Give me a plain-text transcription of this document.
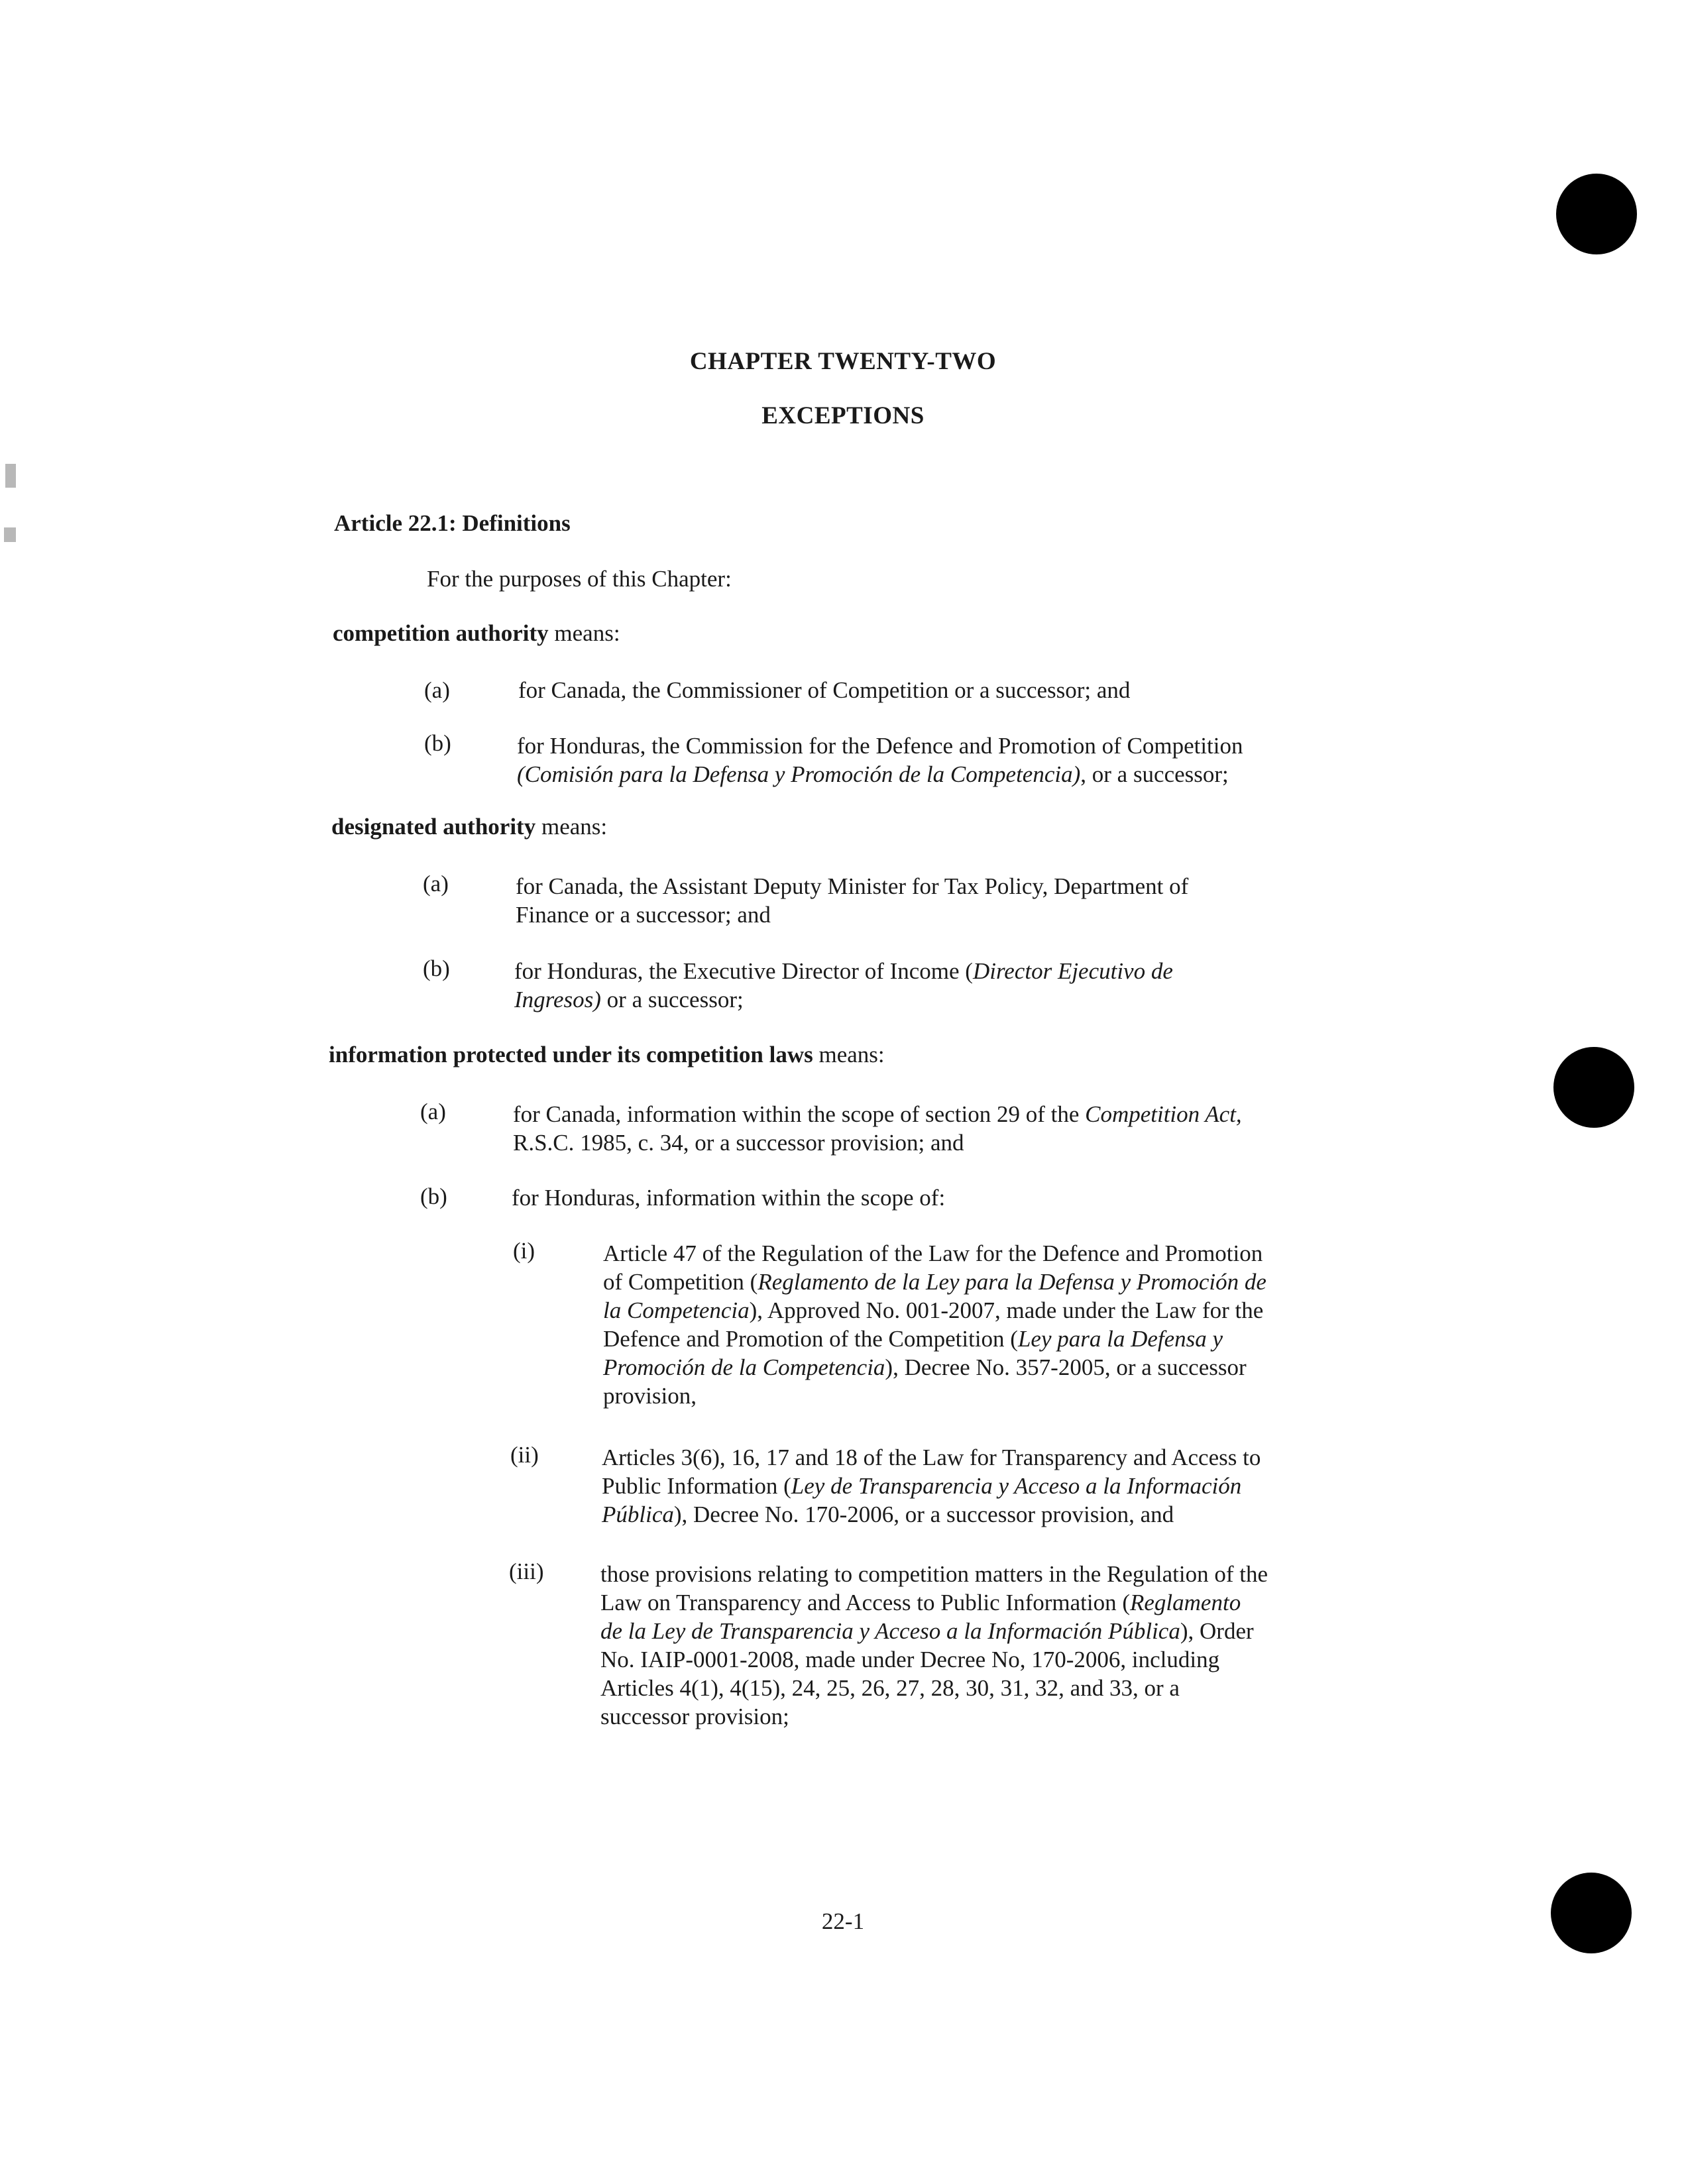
CHAPTER TWENTY-TWO
EXCEPTIONS
Article 22.1: Definitions
For the purposes of this Chapter:
competition authority means:
(a)	for Canada, the Commissioner of Competition or a successor; and
(b)	for Honduras, the Commission for the Defence and Promotion of Competition
(Comisión para la Defensa y Promoción de la Competencia), or a successor;
designated authority means:
(a)	for Canada, the Assistant Deputy Minister for Tax Policy, Department of
Finance or a successor; and
(b)	for Honduras, the Executive Director of Income (Director Ejecutivo de
Ingresos) or a successor;
information protected under its competition laws means:
(a)	for Canada, information within the scope of section 29 of the Competition Act,
R.S.C. 1985, c. 34, or a successor provision; and
(b)	for Honduras, information within the scope of:
(i)	Article 47 of the Regulation of the Law for the Defence and Promotion
of Competition (Reglamento de la Ley para la Defensa y Promoción de
la Competencia), Approved No. 001-2007, made under the Law for the
Defence and Promotion of the Competition (Ley para la Defensa y
Promoción de la Competencia), Decree No. 357-2005, or a successor
provision,
(ii)	Articles 3(6), 16, 17 and 18 of the Law for Transparency and Access to
Public Information (Ley de Transparencia y Acceso a la Información
Pública), Decree No. 170-2006, or a successor provision, and
(iii) those provisions relating to competition matters in the Regulation of the
Law on Transparency and Access to Public Information (Reglamento
de la Ley de Transparencia y Acceso a la Información Pública), Order
No. IAIP-0001-2008, made under Decree No, 170-2006, including
Articles 4(1), 4(15), 24, 25, 26, 27, 28, 30, 31, 32, and 33, or a
successor provision;
22-1
